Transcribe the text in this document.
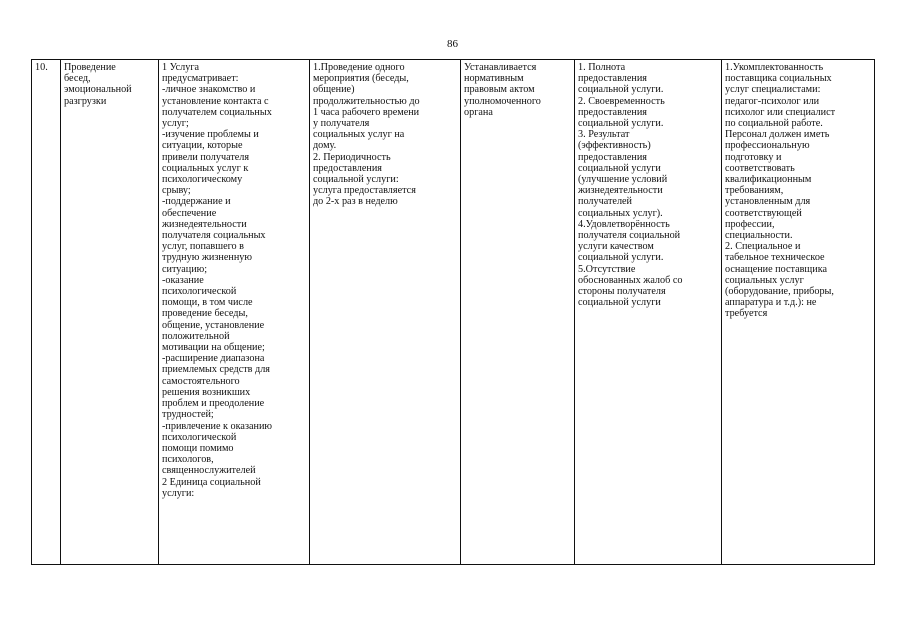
86
10.	Проведение
бесед,
эмоциональной
разгрузки	1 Услуга
предусматривает:
-личное знакомство и
установление контакта с
получателем социальных
услуг;
-изучение проблемы и
ситуации, которые
привели получателя
социальных услуг к
психологическому
срыву;
-поддержание и
обеспечение
жизнедеятельности
получателя социальных
услуг, попавшего в
трудную жизненную
ситуацию;
-оказание
психологической
помощи, в том числе
проведение беседы,
общение, установление
положительной
мотивации на общение;
-расширение диапазона
приемлемых средств для
самостоятельного
решения возникших
проблем и преодоление
трудностей;
-привлечение к оказанию
психологической
помощи помимо
психологов,
священнослужителей
2 Единица социальной
услуги:	1.Проведение одного
мероприятия (беседы,
общение)
продолжительностью до
1 часа рабочего времени
у получателя
социальных услуг на
дому.
2. Периодичность
предоставления
социальной услуги:
услуга предоставляется
до 2-х раз в неделю	Устанавливается
нормативным
правовым актом
уполномоченного
органа	1. Полнота
предоставления
социальной услуги.
2. Своевременность
предоставления
социальной услуги.
3. Результат
(эффективность)
предоставления
социальной услуги
(улучшение условий
жизнедеятельности
получателей
социальных услуг).
4.Удовлетворённость
получателя социальной
услуги качеством
социальной услуги.
5.Отсутствие
обоснованных жалоб со
стороны получателя
социальной услуги	1.Укомплектованность
поставщика социальных
услуг специалистами:
педагог-психолог или
психолог или специалист
по социальной работе.
Персонал должен иметь
профессиональную
подготовку и
соответствовать
квалификационным
требованиям,
установленным для
соответствующей
профессии,
специальности.
2. Специальное и
табельное техническое
оснащение поставщика
социальных услуг
(оборудование, приборы,
аппаратура и т.д.): не
требуется
